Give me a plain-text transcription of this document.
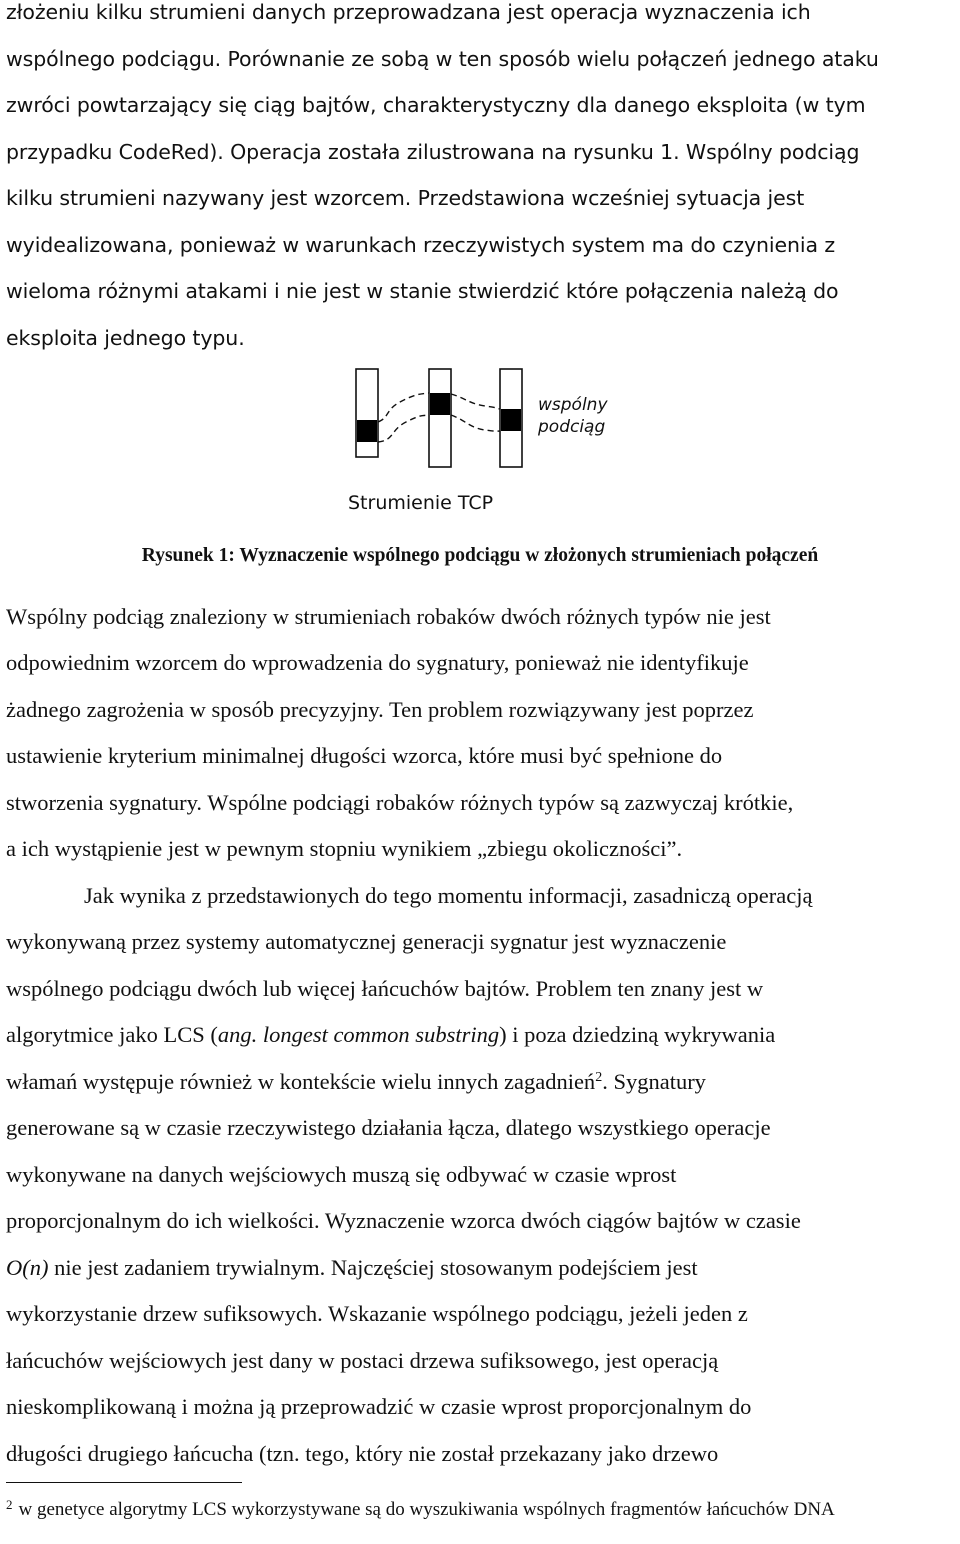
złożeniu kilku strumieni danych przeprowadzana jest operacja wyznaczenia ich
wspólnego podciągu. Porównanie ze sobą w ten sposób wielu połączeń jednego ataku
zwróci powtarzający się ciąg bajtów, charakterystyczny dla danego eksploita (w tym
przypadku CodeRed). Operacja została zilustrowana na rysunku 1. Wspólny podciąg
kilku strumieni nazywany jest wzorcem. Przedstawiona wcześniej sytuacja jest
wyidealizowana, ponieważ w warunkach rzeczywistych system ma do czynienia z
wieloma różnymi atakami i nie jest w stanie stwierdzić które połączenia należą do
eksploita jednego typu.
wspólny
podciąg
Strumienie TCP
Rysunek 1: Wyznaczenie wspólnego podciągu w złożonych strumieniach połączeń
Wspólny podciąg znaleziony w strumieniach robaków dwóch różnych typów nie jest
odpowiednim wzorcem do wprowadzenia do sygnatury, ponieważ nie identyfikuje
żadnego zagrożenia w sposób precyzyjny. Ten problem rozwiązywany jest poprzez
ustawienie kryterium minimalnej długości wzorca, które musi być spełnione do
stworzenia sygnatury. Wspólne podciągi robaków różnych typów są zazwyczaj krótkie,
a ich wystąpienie jest w pewnym stopniu wynikiem „zbiegu okoliczności”.
Jak wynika z przedstawionych do tego momentu informacji, zasadniczą operacją
wykonywaną przez systemy automatycznej generacji sygnatur jest wyznaczenie
wspólnego podciągu dwóch lub więcej łańcuchów bajtów. Problem ten znany jest w
algorytmice jako LCS (ang. longest common substring) i poza dziedziną wykrywania
włamań występuje również w kontekście wielu innych zagadnień$^2$. Sygnatury
generowane są w czasie rzeczywistego działania łącza, dlatego wszystkiego operacje
wykonywane na danych wejściowych muszą się odbywać w czasie wprost
proporcjonalnym do ich wielkości. Wyznaczenie wzorca dwóch ciągów bajtów w czasie
O(n) nie jest zadaniem trywialnym. Najczęściej stosowanym podejściem jest
wykorzystanie drzew sufiksowych. Wskazanie wspólnego podciągu, jeżeli jeden z
łańcuchów wejściowych jest dany w postaci drzewa sufiksowego, jest operacją
nieskomplikowaną i można ją przeprowadzić w czasie wprost proporcjonalnym do
długości drugiego łańcucha (tzn. tego, który nie został przekazany jako drzewo
$^2$ w genetyce algorytmy LCS wykorzystywane są do wyszukiwania wspólnych fragmentów łańcuchów DNA
